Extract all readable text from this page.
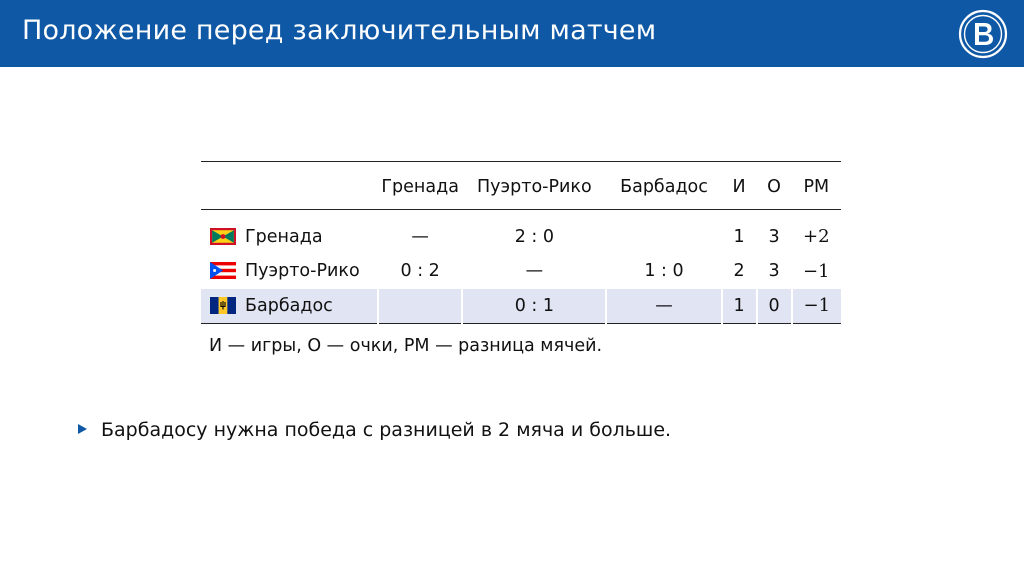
Положение перед заключительным матчем
	Гренада	Пуэрто-Рико	Барбадос	И	О	РМ
Гренада	—	2 : 0		1	3	+2
Пуэрто-Рико	0 : 2	—	1 : 0	2	3	−1
Барбадос		0 : 1	—	1	0	−1
И — игры, О — очки, РМ — разница мячей.
Барбадосу нужна победа с разницей в 2 мяча и больше.
